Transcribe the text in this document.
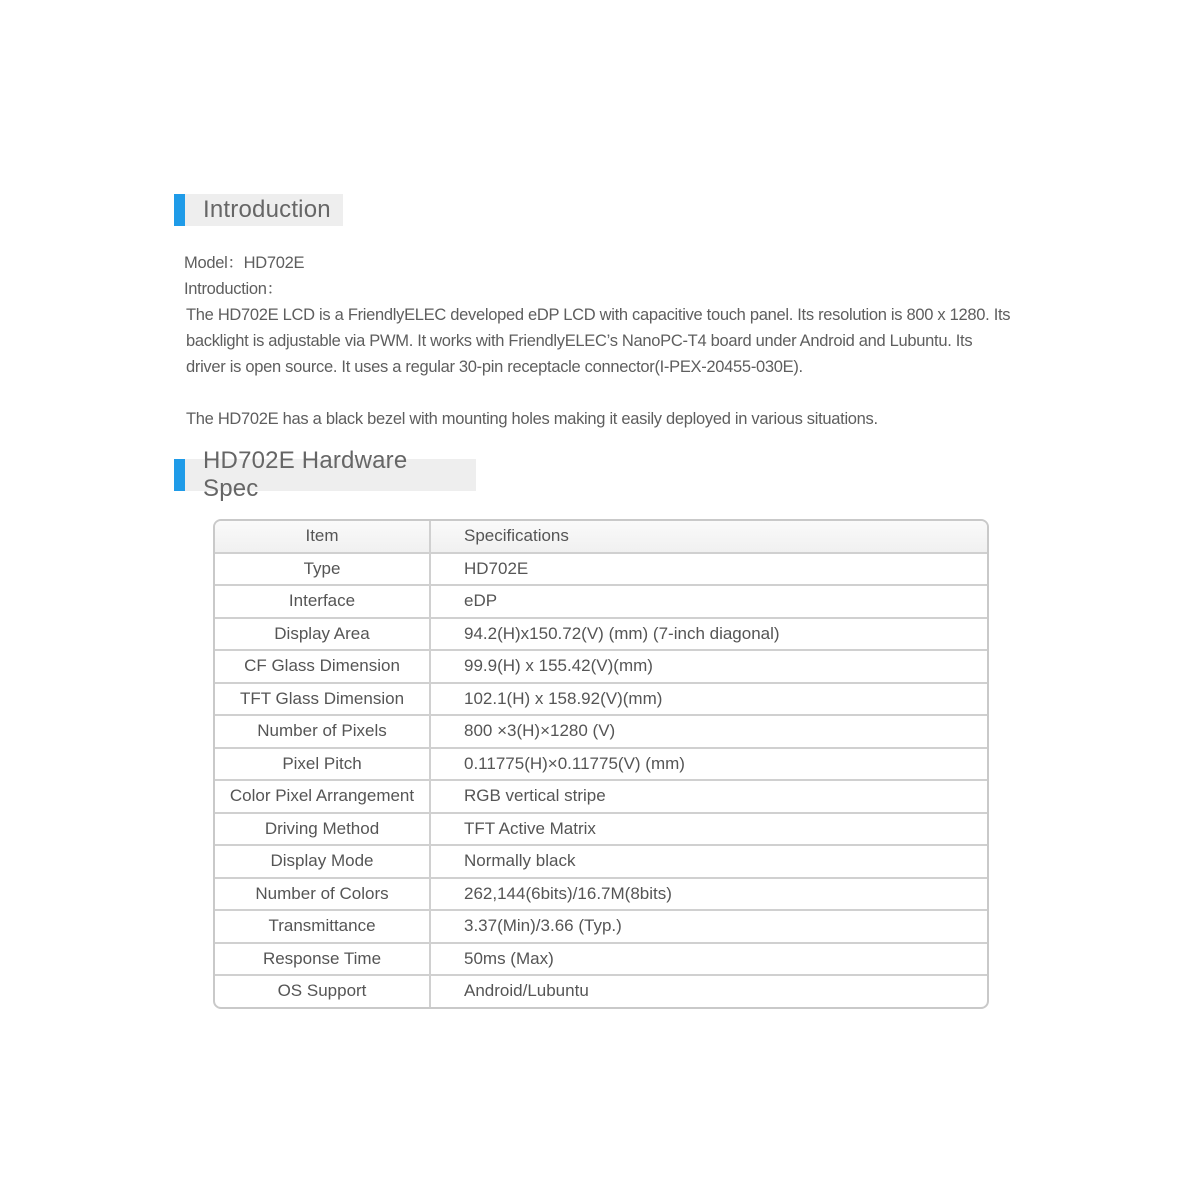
Introduction
Model：HD702E
Introduction：
The HD702E LCD is a FriendlyELEC developed eDP LCD with capacitive touch panel. Its resolution is 800 x 1280. Its
backlight is adjustable via PWM. It works with FriendlyELEC’s NanoPC-T4 board under Android and Lubuntu. Its
driver is open source. It uses a regular 30-pin receptacle connector(I-PEX-20455-030E).
The HD702E has a black bezel with mounting holes making it easily deployed in various situations.
HD702E Hardware Spec
Item	Specifications
Type	HD702E
Interface	eDP
Display Area	94.2(H)x150.72(V) (mm) (7-inch diagonal)
CF Glass Dimension	99.9(H) x 155.42(V)(mm)
TFT Glass Dimension	102.1(H) x 158.92(V)(mm)
Number of Pixels	800 ×3(H)×1280 (V)
Pixel Pitch	0.11775(H)×0.11775(V) (mm)
Color Pixel Arrangement	RGB vertical stripe
Driving Method	TFT Active Matrix
Display Mode	Normally black
Number of Colors	262,144(6bits)/16.7M(8bits)
Transmittance	3.37(Min)/3.66 (Typ.)
Response Time	50ms (Max)
OS Support	Android/Lubuntu
